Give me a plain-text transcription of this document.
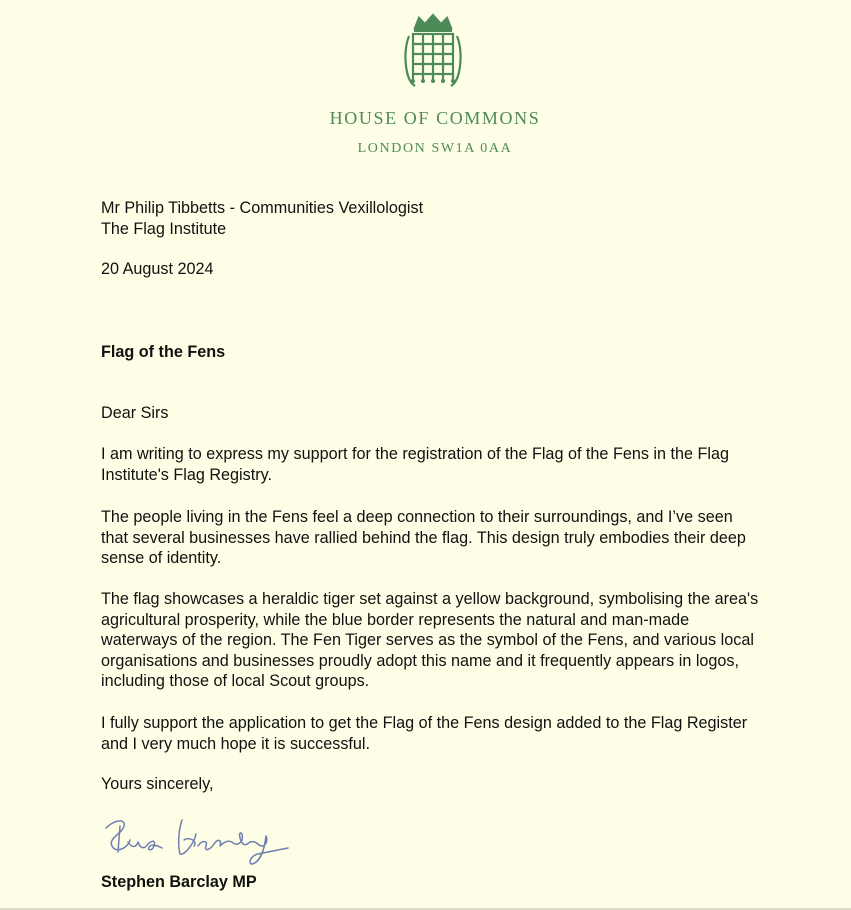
HOUSE OF COMMONS
LONDON SW1A 0AA
Mr Philip Tibbetts - Communities Vexillologist
The Flag Institute
20 August 2024
Flag of the Fens
Dear Sirs

I am writing to express my support for the registration of the Flag of the Fens in the Flag Institute's Flag Registry.

The people living in the Fens feel a deep connection to their surroundings, and I’ve seen that several businesses have rallied behind the flag. This design truly embodies their deep sense of identity.

The flag showcases a heraldic tiger set against a yellow background, symbolising the area's agricultural prosperity, while the blue border represents the natural and man-made waterways of the region. The Fen Tiger serves as the symbol of the Fens, and various local organisations and businesses proudly adopt this name and it frequently appears in logos, including those of local Scout groups.

I fully support the application to get the Flag of the Fens design added to the Flag Register and I very much hope it is successful.

Yours sincerely,
Stephen Barclay MP
